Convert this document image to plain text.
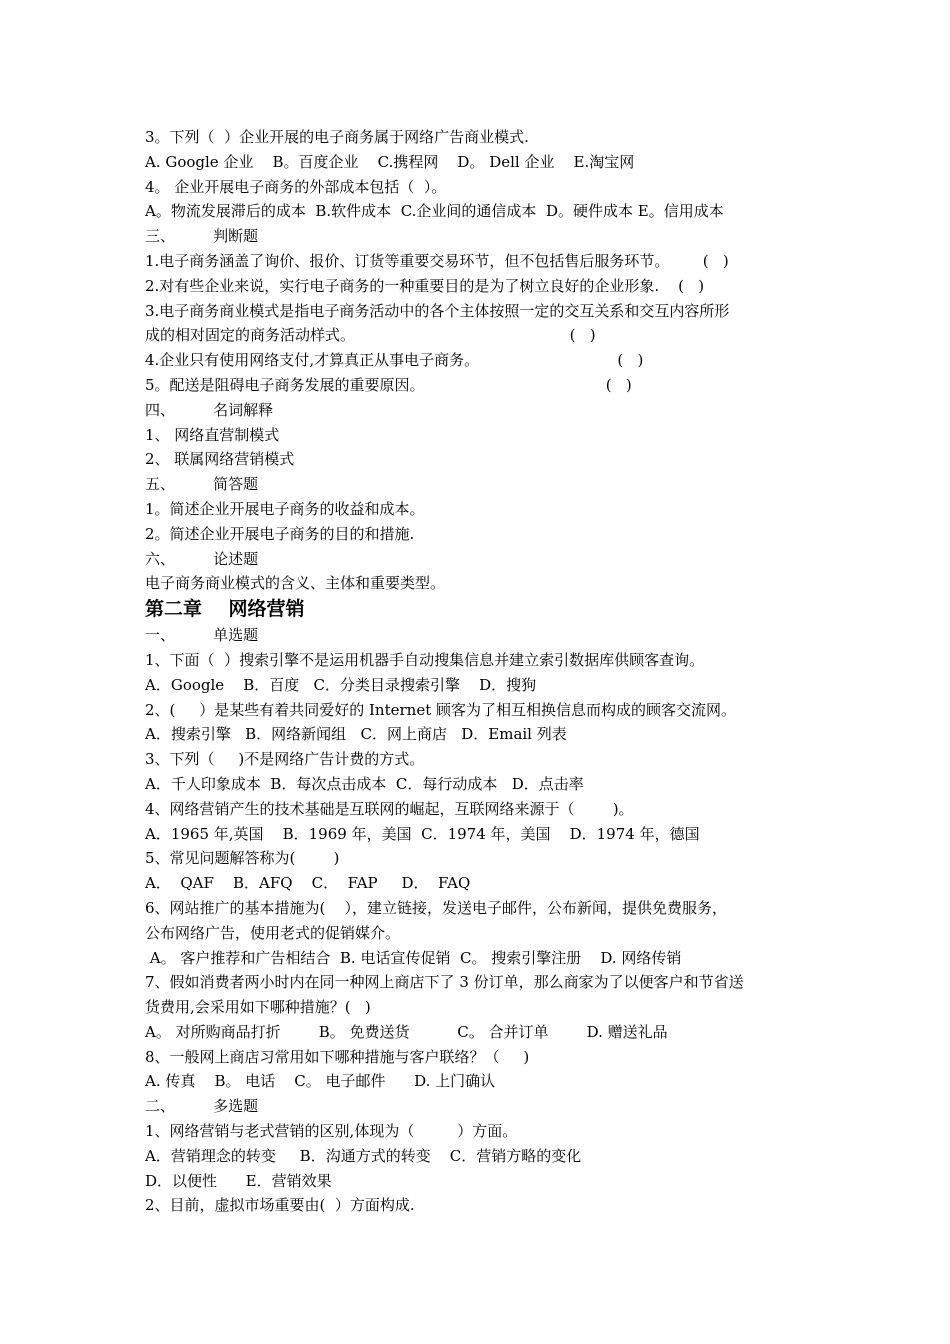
3。下列（  ）企业开展的电子商务属于网络广告商业模式.
A. Google 企业    B。百度企业    C.携程网    D。 Dell 企业    E.淘宝网
4。 企业开展电子商务的外部成本包括（  ）。
A。物流发展滞后的成本  B.软件成本  C.企业间的通信成本  D。硬件成本 E。信用成本
三、        判断题
1.电子商务涵盖了询价、报价、订货等重要交易环节，但不包括售后服务环节。       (   )
2.对有些企业来说，实行电子商务的一种重要目的是为了树立良好的企业形象.    (   )
3.电子商务商业模式是指电子商务活动中的各个主体按照一定的交互关系和交互内容所形
成的相对固定的商务活动样式。                                             (   )
4.企业只有使用网络支付,才算真正从事电子商务。                             (   )
5。配送是阻碍电子商务发展的重要原因。                                      (   )
四、        名词解释
1、 网络直营制模式
2、 联属网络营销模式
五、        简答题
1。简述企业开展电子商务的收益和成本。
2。简述企业开展电子商务的目的和措施.
六、        论述题
电子商务商业模式的含义、主体和重要类型。
第二章    网络营销
一、        单选题
1、下面（  ）搜索引擎不是运用机器手自动搜集信息并建立索引数据库供顾客查询。
A．Google    B．百度   C．分类目录搜索引擎    D．搜狗
2、(     ）是某些有着共同爱好的 Internet 顾客为了相互相换信息而构成的顾客交流网。
A．搜索引擎   B．网络新闻组   C．网上商店   D．Email 列表
3、下列（     )不是网络广告计费的方式。
A．千人印象成本  B．每次点击成本  C．每行动成本   D．点击率
4、网络营销产生的技术基础是互联网的崛起，互联网络来源于（        )。
A．1965 年,英国    B．1969 年，美国  C．1974 年，美国    D．1974 年，德国
5、常见问题解答称为(        )
A．  QAF    B．AFQ    C．  FAP     D．  FAQ
6、网站推广的基本措施为(    ），建立链接，发送电子邮件，公布新闻，提供免费服务，
公布网络广告，使用老式的促销媒介。
A。 客户推荐和广告相结合  B. 电话宣传促销  C。 搜索引擎注册    D. 网络传销
7、假如消费者两小时内在同一种网上商店下了 3 份订单，那么商家为了以便客户和节省送
货费用,会采用如下哪种措施？(   )
A。 对所购商品打折        B。 免费送货          C。 合并订单        D. 赠送礼品
8、一般网上商店习常用如下哪种措施与客户联络？（     )
A. 传真    B。 电话    C。 电子邮件      D. 上门确认
二、        多选题
1、网络营销与老式营销的区别,体现为（         ）方面。
A．营销理念的转变     B．沟通方式的转变    C．营销方略的变化
D．以便性      E．营销效果
2、目前，虚拟市场重要由(  ）方面构成.
